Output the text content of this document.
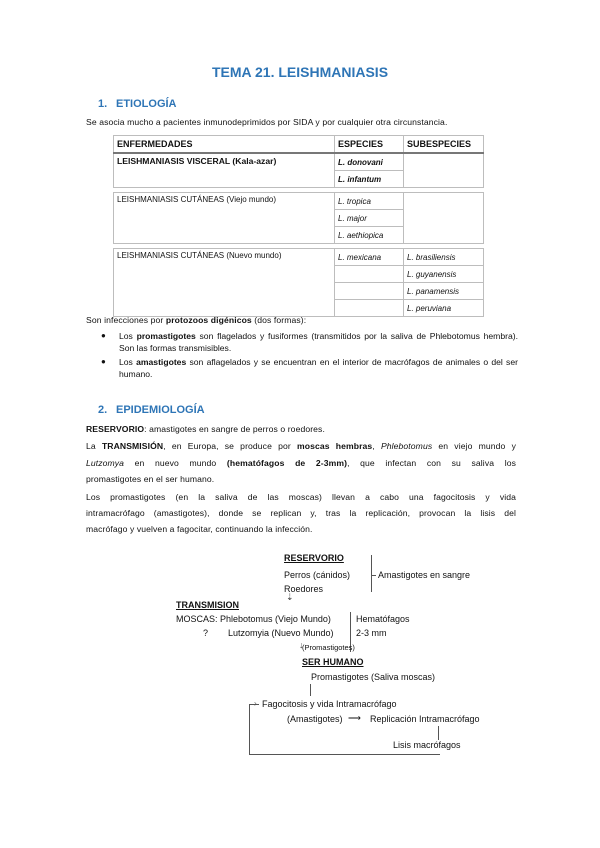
TEMA 21. LEISHMANIASIS
1. ETIOLOGÍA
Se asocia mucho a pacientes inmunodeprimidos por SIDA y por cualquier otra circunstancia.
ENFERMEDADES	ESPECIES	SUBESPECIES
LEISHMANIASIS VISCERAL (Kala-azar)	L. donovani	
	L. infantum	

LEISHMANIASIS CUTÁNEAS (Viejo mundo)	L. tropica	
	L. major	
	L. aethiopica	

LEISHMANIASIS CUTÁNEAS (Nuevo mundo)	L. mexicana	L. brasiliensis
		L. guyanensis
		L. panamensis
		L. peruviana
Son infecciones por protozoos digénicos (dos formas):
● Los promastigotes son flagelados y fusiformes (transmitidos por la saliva de Phlebotomus hembra). Son las formas transmisibles.
● Los amastigotes son aflagelados y se encuentran en el interior de macrófagos de animales o del ser humano.
2. EPIDEMIOLOGÍA
RESERVORIO: amastigotes en sangre de perros o roedores.
La TRANSMISIÓN, en Europa, se produce por moscas hembras, Phlebotomus en viejo mundo y
Lutzomya en nuevo mundo (hematófagos de 2-3mm), que infectan con su saliva los
promastigotes en el ser humano.
Los promastigotes (en la saliva de las moscas) llevan a cabo una fagocitosis y vida
intramacrófago (amastigotes), donde se replican y, tras la replicación, provocan la lisis del
macrófago y vuelven a fagocitar, continuando la infección.
RESERVORIO
Perros (cánidos)
Roedores
Amastigotes en sangre
⇣
TRANSMISION
MOSCAS: Phlebotomus (Viejo Mundo)	Hematófagos
? Lutzomyia (Nuevo Mundo) 2-3 mm
↓
(Promastigotes)
SER HUMANO
Promastigotes (Saliva moscas)
› Fagocitosis y vida Intramacrófago
(Amastigotes) ⟶ Replicación Intramacrófago
Lisis macrófagos
